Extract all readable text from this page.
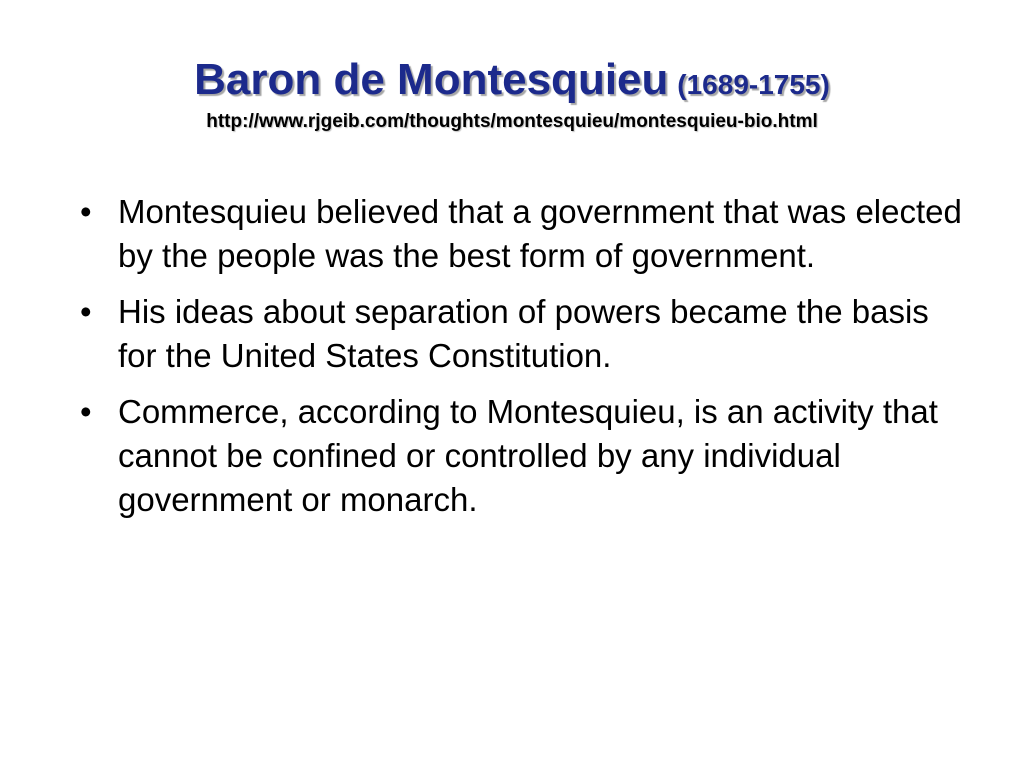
Baron de Montesquieu (1689-1755)
http://www.rjgeib.com/thoughts/montesquieu/montesquieu-bio.html
• Montesquieu believed that a government that was elected by the people was the best form of government.
• His ideas about separation of powers became the basis for the United States Constitution.
• Commerce, according to Montesquieu, is an activity that cannot be confined or controlled by any individual government or monarch.
